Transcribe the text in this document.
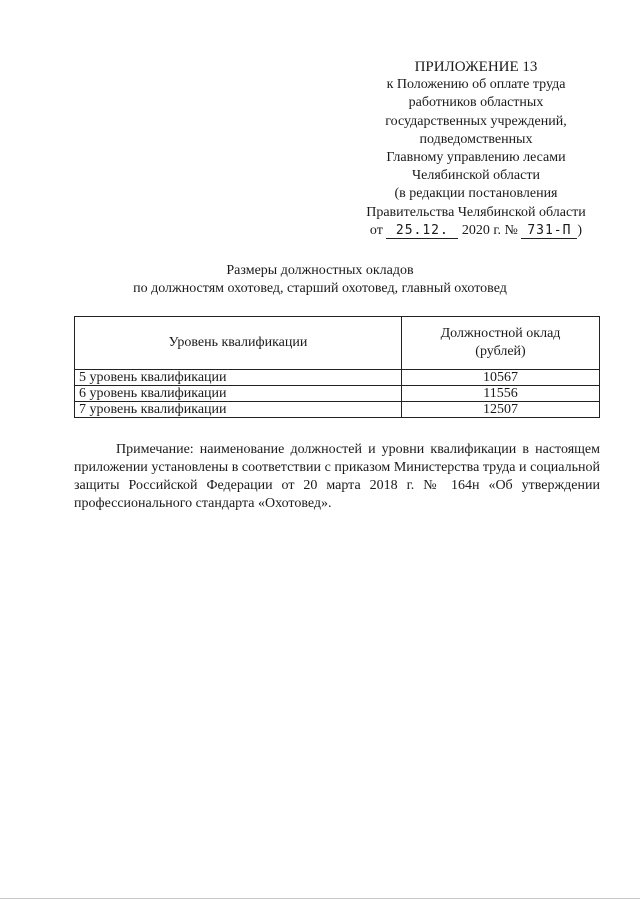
ПРИЛОЖЕНИЕ 13
к Положению об оплате труда
работников областных
государственных учреждений,
подведомственных
Главному управлению лесами
Челябинской области
(в редакции постановления
Правительства Челябинской области
от 25.12. 2020 г. № 731-П )
Размеры должностных окладов
по должностям охотовед, старший охотовед, главный охотовед
Уровень квалификации	Должностной оклад
(рублей)
5 уровень квалификации	10567
6 уровень квалификации	11556
7 уровень квалификации	12507
Примечание: наименование должностей и уровни квалификации в настоящем приложении установлены в соответствии с приказом Министерства труда и социальной защиты Российской Федерации от 20 марта 2018 г. № 164н «Об утверждении профессионального стандарта «Охотовед».
